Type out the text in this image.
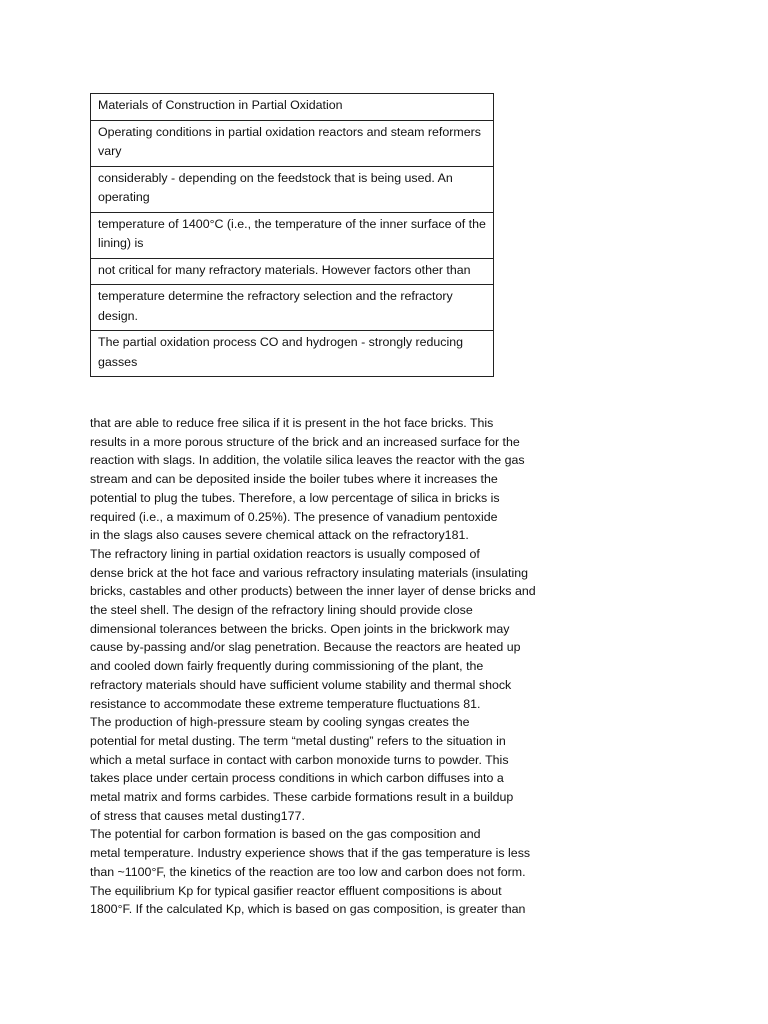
Materials of Construction in Partial Oxidation
Operating conditions in partial oxidation reactors and steam reformers vary
considerably - depending on the feedstock that is being used. An operating
temperature of 1400°C (i.e., the temperature of the inner surface of the lining) is
not critical for many refractory materials. However factors other than
temperature determine the refractory selection and the refractory design.
The partial oxidation process CO and hydrogen - strongly reducing gasses
that are able to reduce free silica if it is present in the hot face bricks. This
results in a more porous structure of the brick and an increased surface for the
reaction with slags. In addition, the volatile silica leaves the reactor with the gas
stream and can be deposited inside the boiler tubes where it increases the
potential to plug the tubes. Therefore, a low percentage of silica in bricks is
required (i.e., a maximum of 0.25%). The presence of vanadium pentoxide
in the slags also causes severe chemical attack on the refractory181.
The refractory lining in partial oxidation reactors is usually composed of
dense brick at the hot face and various refractory insulating materials (insulating
bricks, castables and other products) between the inner layer of dense bricks and
the steel shell. The design of the refractory lining should provide close
dimensional tolerances between the bricks. Open joints in the brickwork may
cause by-passing and/or slag penetration. Because the reactors are heated up
and cooled down fairly frequently during commissioning of the plant, the
refractory materials should have sufficient volume stability and thermal shock
resistance to accommodate these extreme temperature fluctuations 81.
The production of high-pressure steam by cooling syngas creates the
potential for metal dusting. The term “metal dusting” refers to the situation in
which a metal surface in contact with carbon monoxide turns to powder. This
takes place under certain process conditions in which carbon diffuses into a
metal matrix and forms carbides. These carbide formations result in a buildup
of stress that causes metal dusting177.
The potential for carbon formation is based on the gas composition and
metal temperature. Industry experience shows that if the gas temperature is less
than ~1100°F, the kinetics of the reaction are too low and carbon does not form.
The equilibrium Kp for typical gasifier reactor effluent compositions is about
1800°F. If the calculated Kp, which is based on gas composition, is greater than
